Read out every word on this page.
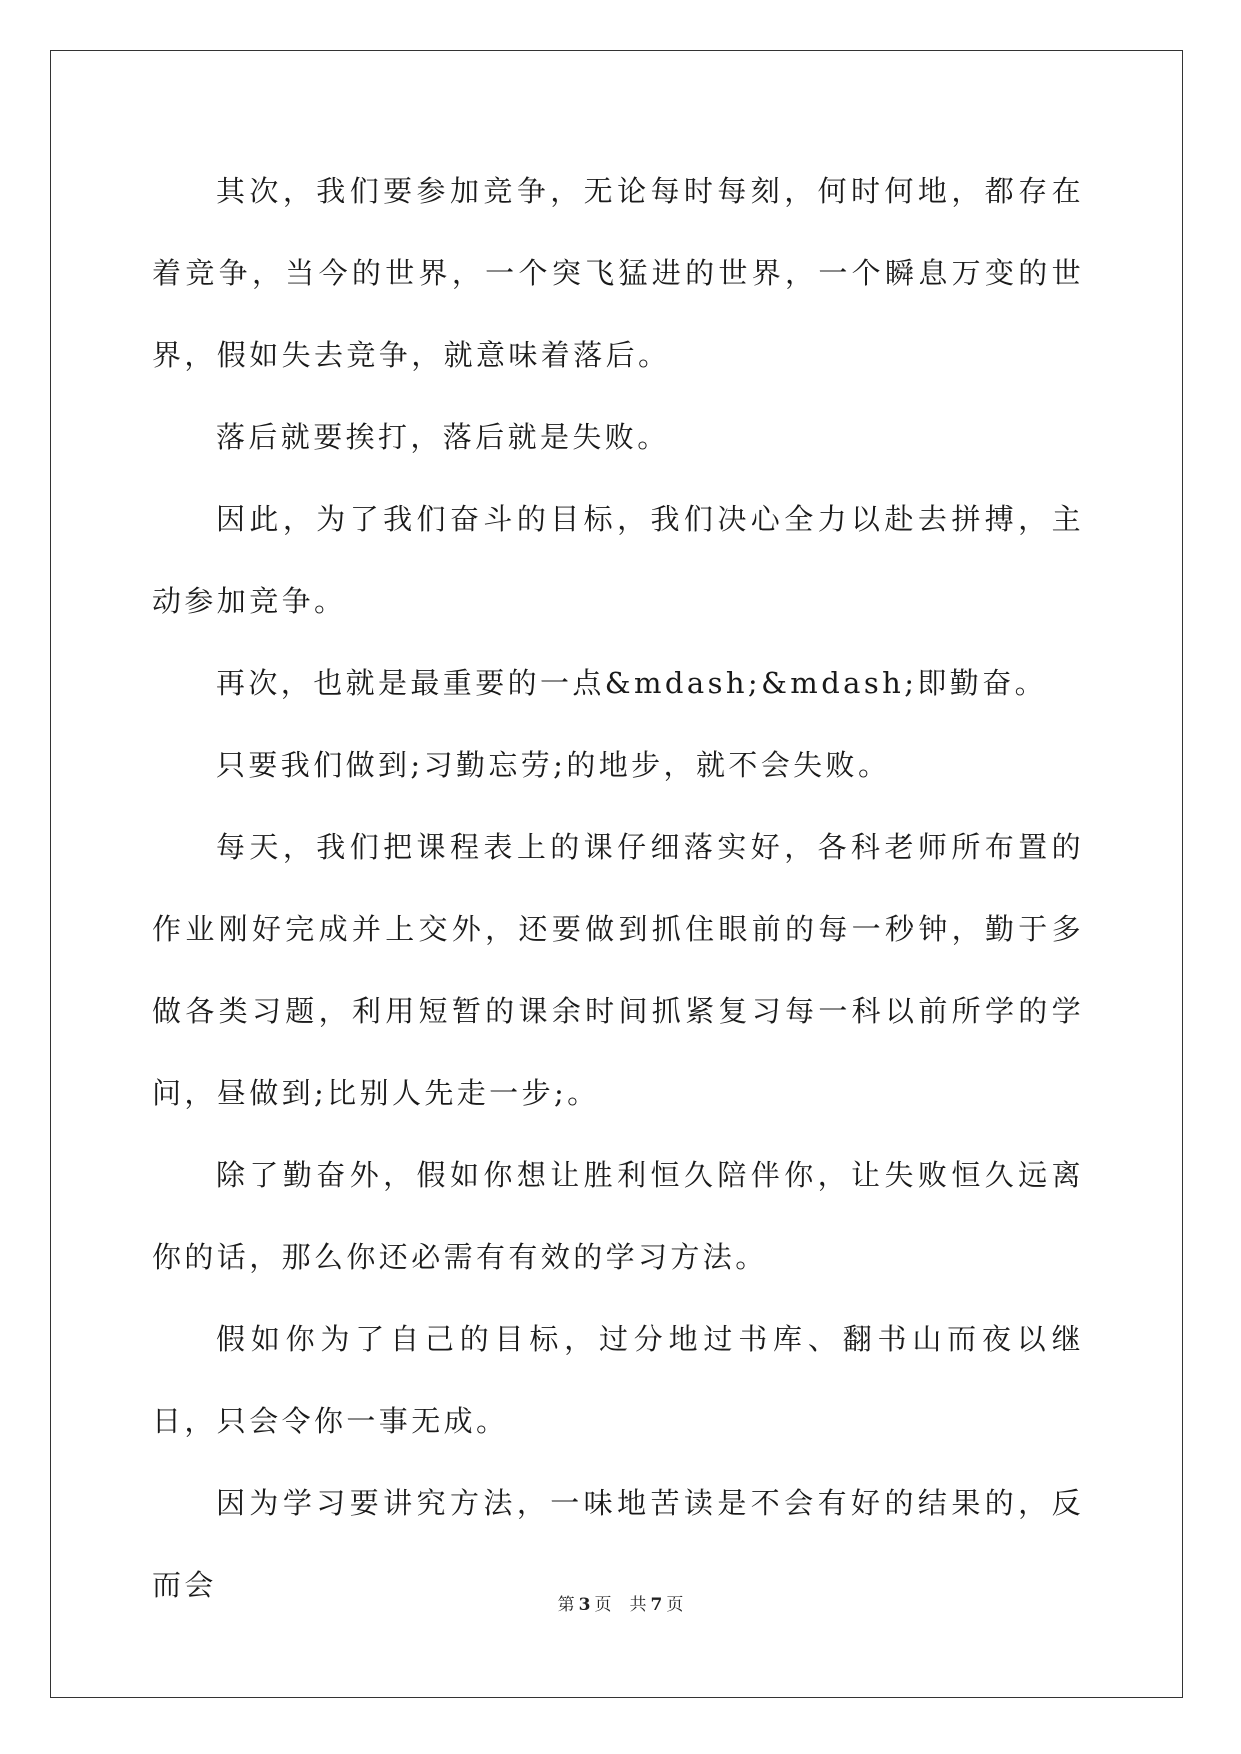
其次，我们要参加竞争，无论每时每刻，何时何地，都存在着竞争，当今的世界，一个突飞猛进的世界，一个瞬息万变的世界，假如失去竞争，就意味着落后。

落后就要挨打，落后就是失败。

因此，为了我们奋斗的目标，我们决心全力以赴去拼搏，主动参加竞争。

再次，也就是最重要的一点&mdash;&mdash;即勤奋。

只要我们做到;习勤忘劳;的地步，就不会失败。

每天，我们把课程表上的课仔细落实好，各科老师所布置的作业刚好完成并上交外，还要做到抓住眼前的每一秒钟，勤于多做各类习题，利用短暂的课余时间抓紧复习每一科以前所学的学问，昼做到;比别人先走一步;。

除了勤奋外，假如你想让胜利恒久陪伴你，让失败恒久远离你的话，那么你还必需有有效的学习方法。

假如你为了自己的目标，过分地过书库、翻书山而夜以继日，只会令你一事无成。

因为学习要讲究方法，一味地苦读是不会有好的结果的，反而会

第 3 页 共 7 页
